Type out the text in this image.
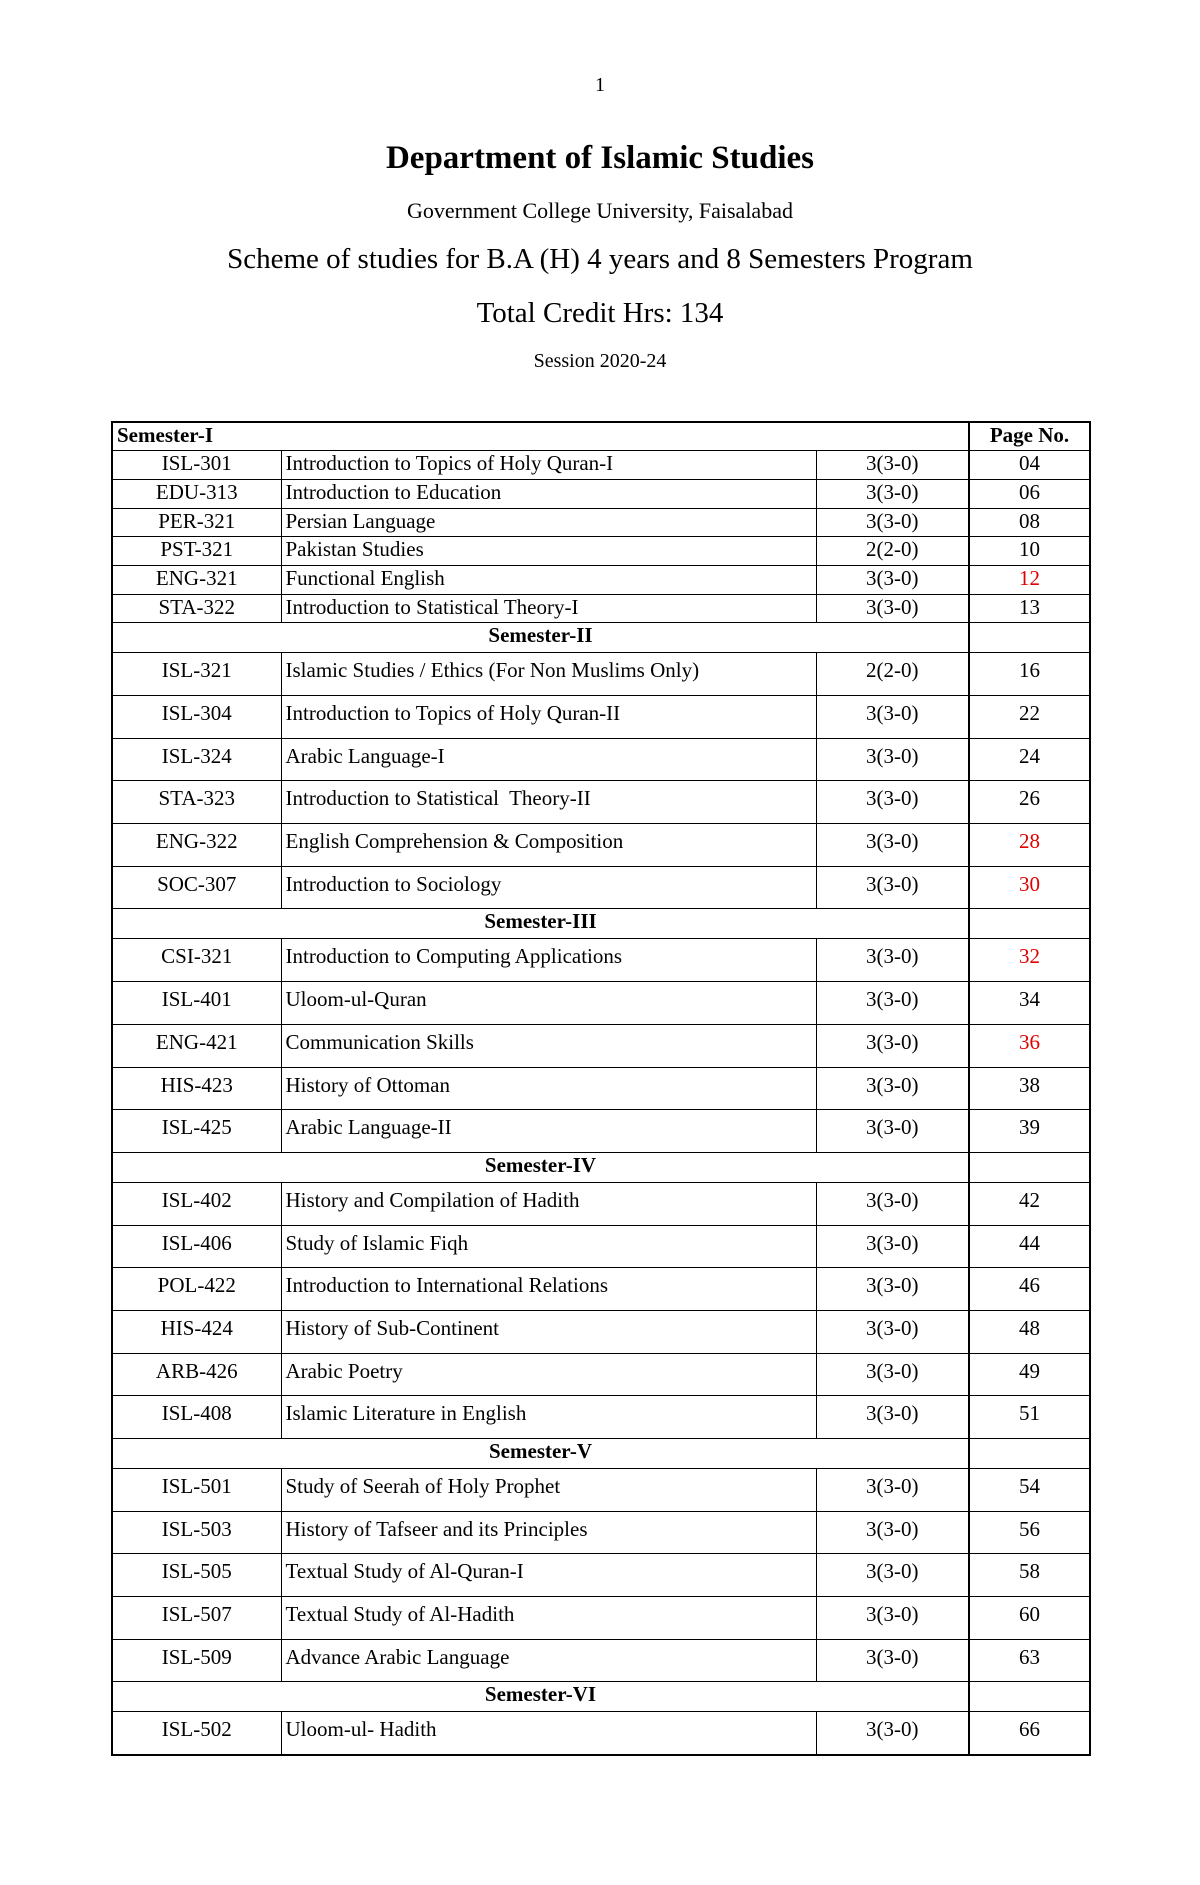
1
Department of Islamic Studies
Government College University, Faisalabad
Scheme of studies for B.A (H) 4 years and 8 Semesters Program
Total Credit Hrs: 134
Session 2020-24
Semester-I			Page No.
ISL-301	Introduction to Topics of Holy Quran-I	3(3-0)	04
EDU-313	Introduction to Education	3(3-0)	06
PER-321	Persian Language	3(3-0)	08
PST-321	Pakistan Studies	2(2-0)	10
ENG-321	Functional English	3(3-0)	12
STA-322	Introduction to Statistical Theory-I	3(3-0)	13
Semester-II			
ISL-321	Islamic Studies / Ethics (For Non Muslims Only)	2(2-0)	16
ISL-304	Introduction to Topics of Holy Quran-II	3(3-0)	22
ISL-324	Arabic Language-I	3(3-0)	24
STA-323	Introduction to Statistical  Theory-II	3(3-0)	26
ENG-322	English Comprehension & Composition	3(3-0)	28
SOC-307	Introduction to Sociology	3(3-0)	30
Semester-III			
CSI-321	Introduction to Computing Applications	3(3-0)	32
ISL-401	Uloom-ul-Quran	3(3-0)	34
ENG-421	Communication Skills	3(3-0)	36
HIS-423	History of Ottoman	3(3-0)	38
ISL-425	Arabic Language-II	3(3-0)	39
Semester-IV			
ISL-402	History and Compilation of Hadith	3(3-0)	42
ISL-406	Study of Islamic Fiqh	3(3-0)	44
POL-422	Introduction to International Relations	3(3-0)	46
HIS-424	History of Sub-Continent	3(3-0)	48
ARB-426	Arabic Poetry	3(3-0)	49
ISL-408	Islamic Literature in English	3(3-0)	51
Semester-V			
ISL-501	Study of Seerah of Holy Prophet	3(3-0)	54
ISL-503	History of Tafseer and its Principles	3(3-0)	56
ISL-505	Textual Study of Al-Quran-I	3(3-0)	58
ISL-507	Textual Study of Al-Hadith	3(3-0)	60
ISL-509	Advance Arabic Language	3(3-0)	63
Semester-VI			
ISL-502	Uloom-ul- Hadith	3(3-0)	66
